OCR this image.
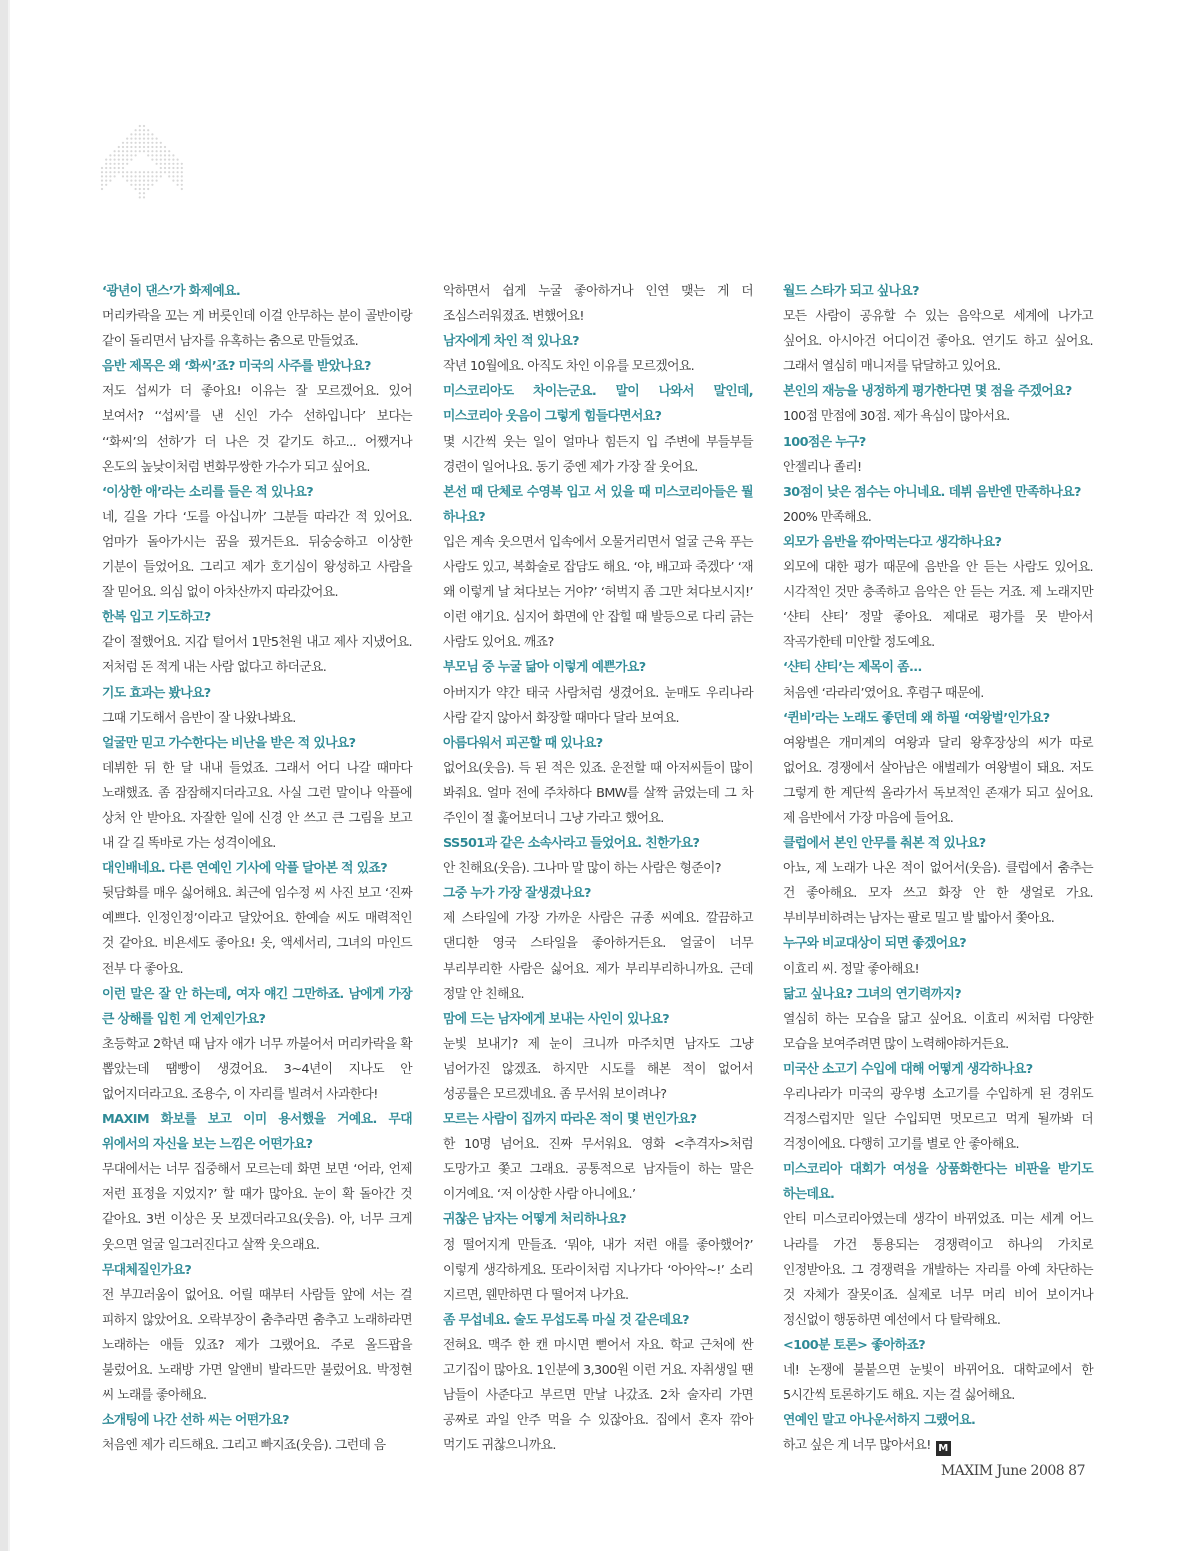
‘광년이 댄스’가 화제예요.

머리카락을 꼬는 게 버릇인데 이걸 안무하는 분이 골반이랑 같이 돌리면서 남자를 유혹하는 춤으로 만들었죠.

음반 제목은 왜 ‘화씨’죠? 미국의 사주를 받았나요?

저도 섭씨가 더 좋아요! 이유는 잘 모르겠어요. 있어 보여서? ‘‘섭씨’를 낸 신인 가수 선하입니다’ 보다는 ‘‘화씨’의 선하’가 더 나은 것 같기도 하고... 어쨌거나 온도의 높낮이처럼 변화무쌍한 가수가 되고 싶어요.

‘이상한 애’라는 소리를 들은 적 있나요?

네, 길을 가다 ‘도를 아십니까’ 그분들 따라간 적 있어요. 엄마가 돌아가시는 꿈을 꿨거든요. 뒤숭숭하고 이상한 기분이 들었어요. 그리고 제가 호기심이 왕성하고 사람을 잘 믿어요. 의심 없이 아차산까지 따라갔어요.

한복 입고 기도하고?

같이 절했어요. 지갑 털어서 1만5천원 내고 제사 지냈어요. 저처럼 돈 적게 내는 사람 없다고 하더군요.

기도 효과는 봤나요?

그때 기도해서 음반이 잘 나왔나봐요.

얼굴만 믿고 가수한다는 비난을 받은 적 있나요?

데뷔한 뒤 한 달 내내 들었죠. 그래서 어디 나갈 때마다 노래했죠. 좀 잠잠해지더라고요. 사실 그런 말이나 악플에 상처 안 받아요. 자잘한 일에 신경 안 쓰고 큰 그림을 보고 내 갈 길 똑바로 가는 성격이에요.

대인배네요. 다른 연예인 기사에 악플 달아본 적 있죠?

뒷담화를 매우 싫어해요. 최근에 임수정 씨 사진 보고 ‘진짜 예쁘다. 인정인정’이라고 달았어요. 한예슬 씨도 매력적인 것 같아요. 비욘세도 좋아요! 옷, 액세서리, 그녀의 마인드 전부 다 좋아요.

이런 말은 잘 안 하는데, 여자 얘긴 그만하죠. 남에게 가장 큰 상해를 입힌 게 언제인가요?

초등학교 2학년 때 남자 애가 너무 까불어서 머리카락을 확 뽑았는데 땜빵이 생겼어요. 3~4년이 지나도 안 없어지더라고요. 조용수, 이 자리를 빌려서 사과한다!

MAXIM 화보를 보고 이미 용서했을 거예요. 무대 위에서의 자신을 보는 느낌은 어떤가요?

무대에서는 너무 집중해서 모르는데 화면 보면 ‘어라, 언제 저런 표정을 지었지?’ 할 때가 많아요. 눈이 확 돌아간 것 같아요. 3번 이상은 못 보겠더라고요(웃음). 아, 너무 크게 웃으면 얼굴 일그러진다고 살짝 웃으래요.

무대체질인가요?

전 부끄러움이 없어요. 어릴 때부터 사람들 앞에 서는 걸 피하지 않았어요. 오락부장이 춤추라면 춤추고 노래하라면 노래하는 애들 있죠? 제가 그랬어요. 주로 올드팝을 불렀어요. 노래방 가면 알앤비 발라드만 불렀어요. 박정현 씨 노래를 좋아해요.

소개팅에 나간 선하 씨는 어떤가요?

처음엔 제가 리드해요. 그리고 빠지죠(웃음). 그런데 음

악하면서 쉽게 누굴 좋아하거나 인연 맺는 게 더 조심스러워졌죠. 변했어요!

남자에게 차인 적 있나요?

작년 10월에요. 아직도 차인 이유를 모르겠어요.

미스코리아도 차이는군요. 말이 나와서 말인데, 미스코리아 웃음이 그렇게 힘들다면서요?

몇 시간씩 웃는 일이 얼마나 힘든지 입 주변에 부들부들 경련이 일어나요. 동기 중엔 제가 가장 잘 웃어요.

본선 때 단체로 수영복 입고 서 있을 때 미스코리아들은 뭘 하나요?

입은 계속 웃으면서 입속에서 오물거리면서 얼굴 근육 푸는 사람도 있고, 복화술로 잡담도 해요. ‘야, 배고파 죽겠다’ ‘재 왜 이렇게 날 쳐다보는 거야?’ ‘허벅지 좀 그만 쳐다보시지!’ 이런 얘기요. 심지어 화면에 안 잡힐 때 발등으로 다리 긁는 사람도 있어요. 깨죠?

부모님 중 누굴 닮아 이렇게 예쁜가요?

아버지가 약간 태국 사람처럼 생겼어요. 눈매도 우리나라 사람 같지 않아서 화장할 때마다 달라 보여요.

아름다워서 피곤할 때 있나요?

없어요(웃음). 득 된 적은 있죠. 운전할 때 아저씨들이 많이 봐줘요. 얼마 전에 주차하다 BMW를 살짝 긁었는데 그 차 주인이 절 훑어보더니 그냥 가라고 했어요.

SS501과 같은 소속사라고 들었어요. 친한가요?

안 친해요(웃음). 그나마 말 많이 하는 사람은 형준이?

그중 누가 가장 잘생겼나요?

제 스타일에 가장 가까운 사람은 규종 씨예요. 깔끔하고 댄디한 영국 스타일을 좋아하거든요. 얼굴이 너무 부리부리한 사람은 싫어요. 제가 부리부리하니까요. 근데 정말 안 친해요.

맘에 드는 남자에게 보내는 사인이 있나요?

눈빛 보내기? 제 눈이 크니까 마주치면 남자도 그냥 넘어가진 않겠죠. 하지만 시도를 해본 적이 없어서 성공률은 모르겠네요. 좀 무서워 보이려나?

모르는 사람이 집까지 따라온 적이 몇 번인가요?

한 10명 넘어요. 진짜 무서워요. 영화 <추격자>처럼 도망가고 쫓고 그래요. 공통적으로 남자들이 하는 말은 이거예요. ‘저 이상한 사람 아니에요.’

귀찮은 남자는 어떻게 처리하나요?

정 떨어지게 만들죠. ‘뭐야, 내가 저런 애를 좋아했어?’ 이렇게 생각하게요. 또라이처럼 지나가다 ‘아아악~!’ 소리 지르면, 웬만하면 다 떨어져 나가요.

좀 무섭네요. 술도 무섭도록 마실 것 같은데요?

전혀요. 맥주 한 캔 마시면 뻗어서 자요. 학교 근처에 싼 고기집이 많아요. 1인분에 3,300원 이런 거요. 자취생일 땐 남들이 사준다고 부르면 만날 나갔죠. 2차 술자리 가면 공짜로 과일 안주 먹을 수 있잖아요. 집에서 혼자 깎아 먹기도 귀찮으니까요.

월드 스타가 되고 싶나요?

모든 사람이 공유할 수 있는 음악으로 세계에 나가고 싶어요. 아시아건 어디이건 좋아요. 연기도 하고 싶어요. 그래서 열심히 매니저를 닦달하고 있어요.

본인의 재능을 냉정하게 평가한다면 몇 점을 주겠어요?

100점 만점에 30점. 제가 욕심이 많아서요.

100점은 누구?

안젤리나 졸리!

30점이 낮은 점수는 아니네요. 데뷔 음반엔 만족하나요?

200% 만족해요.

외모가 음반을 깎아먹는다고 생각하나요?

외모에 대한 평가 때문에 음반을 안 듣는 사람도 있어요. 시각적인 것만 충족하고 음악은 안 듣는 거죠. 제 노래지만 ‘샨티 샨티’ 정말 좋아요. 제대로 평가를 못 받아서 작곡가한테 미안할 정도예요.

‘샨티 샨티’는 제목이 좀...

처음엔 ‘라라리’였어요. 후렴구 때문에.

‘퀸비’라는 노래도 좋던데 왜 하필 ‘여왕벌’인가요?

여왕벌은 개미계의 여왕과 달리 왕후장상의 씨가 따로 없어요. 경쟁에서 살아남은 애벌레가 여왕벌이 돼요. 저도 그렇게 한 계단씩 올라가서 독보적인 존재가 되고 싶어요. 제 음반에서 가장 마음에 들어요.

클럽에서 본인 안무를 춰본 적 있나요?

아뇨, 제 노래가 나온 적이 없어서(웃음). 클럽에서 춤추는 건 좋아해요. 모자 쓰고 화장 안 한 생얼로 가요. 부비부비하려는 남자는 팔로 밀고 발 밟아서 쫓아요.

누구와 비교대상이 되면 좋겠어요?

이효리 씨. 정말 좋아해요!

닮고 싶나요? 그녀의 연기력까지?

열심히 하는 모습을 닮고 싶어요. 이효리 씨처럼 다양한 모습을 보여주려면 많이 노력해야하거든요.

미국산 소고기 수입에 대해 어떻게 생각하나요?

우리나라가 미국의 광우병 소고기를 수입하게 된 경위도 걱정스럽지만 일단 수입되면 멋모르고 먹게 될까봐 더 걱정이에요. 다행히 고기를 별로 안 좋아해요.

미스코리아 대회가 여성을 상품화한다는 비판을 받기도 하는데요.

안티 미스코리아였는데 생각이 바뀌었죠. 미는 세계 어느 나라를 가건 통용되는 경쟁력이고 하나의 가치로 인정받아요. 그 경쟁력을 개발하는 자리를 아예 차단하는 것 자체가 잘못이죠. 실제로 너무 머리 비어 보이거나 정신없이 행동하면 예선에서 다 탈락해요.

<100분 토론> 좋아하죠?

네! 논쟁에 불붙으면 눈빛이 바뀌어요. 대학교에서 한 5시간씩 토론하기도 해요. 지는 걸 싫어해요.

연예인 말고 아나운서하지 그랬어요.

하고 싶은 게 너무 많아서요! M

MAXIM June 2008 87
